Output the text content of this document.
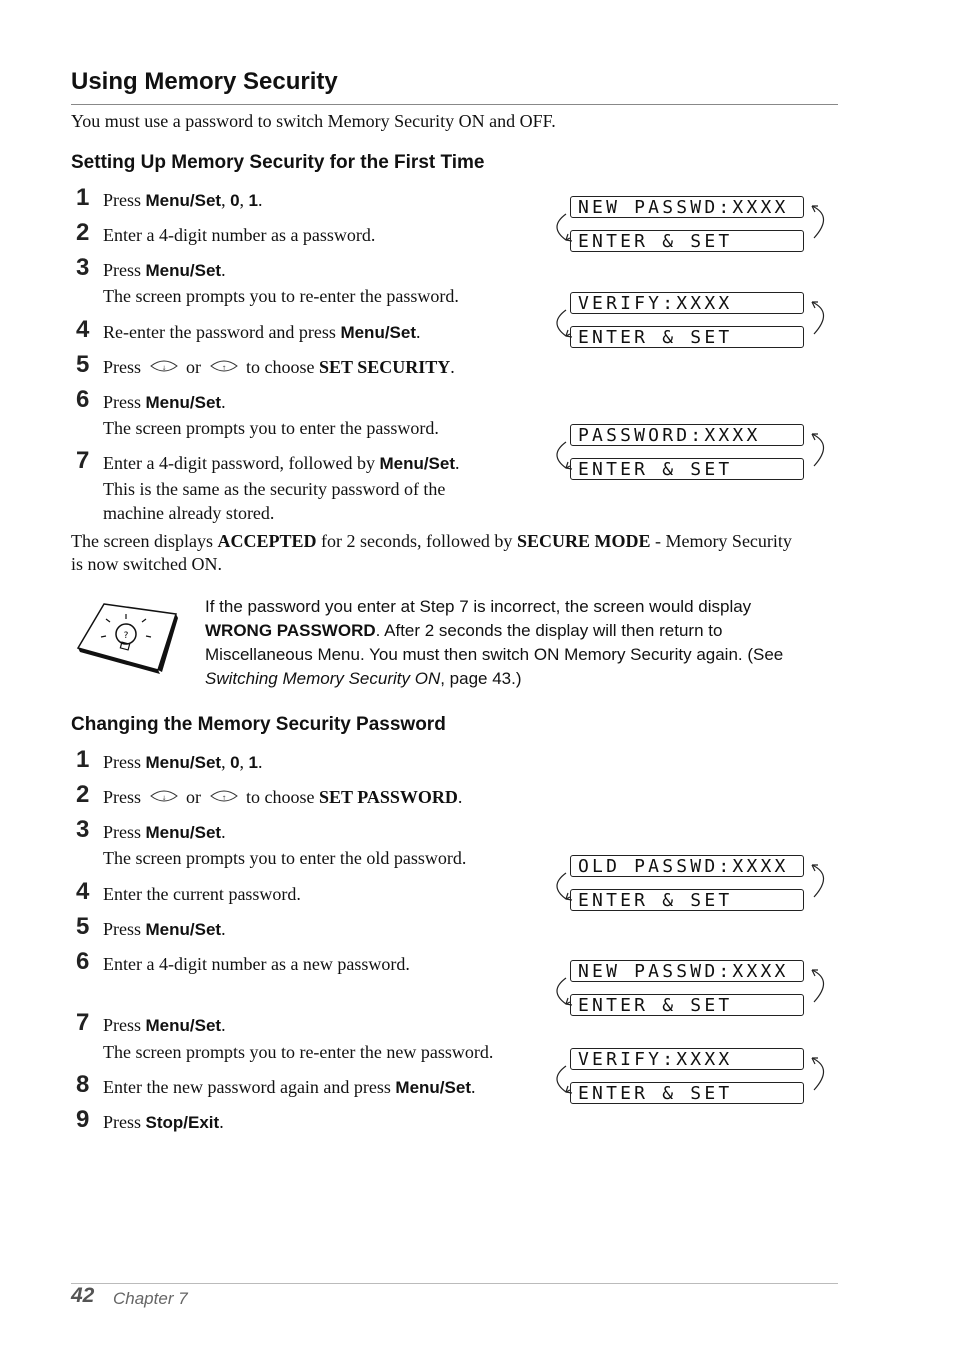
Using Memory Security
You must use a password to switch Memory Security ON and OFF.
Setting Up Memory Security for the First Time
1 Press Menu/Set, 0, 1.
2 Enter a 4-digit number as a password.
3 Press Menu/Set.
The screen prompts you to re-enter the password.
4 Re-enter the password and press Menu/Set.
5 Press	↓ or	↑ to choose SET SECURITY.
6 Press Menu/Set.
The screen prompts you to enter the password.
7 Enter a 4-digit password, followed by Menu/Set.
This is the same as the security password of the
machine already stored.
NEW PASSWD:XXXX
ENTER & SET
VERIFY:XXXX
ENTER & SET
PASSWORD:XXXX
ENTER & SET
The screen displays ACCEPTED for 2 seconds, followed by SECURE MODE - Memory Security
is now switched ON.
?
If the password you enter at Step 7 is incorrect, the screen would display
WRONG PASSWORD. After 2 seconds the display will then return to
Miscellaneous Menu. You must then switch ON Memory Security again. (See
Switching Memory Security ON, page 43.)
Changing the Memory Security Password
1 Press Menu/Set, 0, 1.
2 Press	↓ or	↑ to choose SET PASSWORD.
3 Press Menu/Set.
The screen prompts you to enter the old password.
4 Enter the current password.
5 Press Menu/Set.
6 Enter a 4-digit number as a new password.
7 Press Menu/Set.
The screen prompts you to re-enter the new password.
8 Enter the new password again and press Menu/Set.
9 Press Stop/Exit.
OLD PASSWD:XXXX
ENTER & SET
NEW PASSWD:XXXX
ENTER & SET
VERIFY:XXXX
ENTER & SET
42 Chapter 7
